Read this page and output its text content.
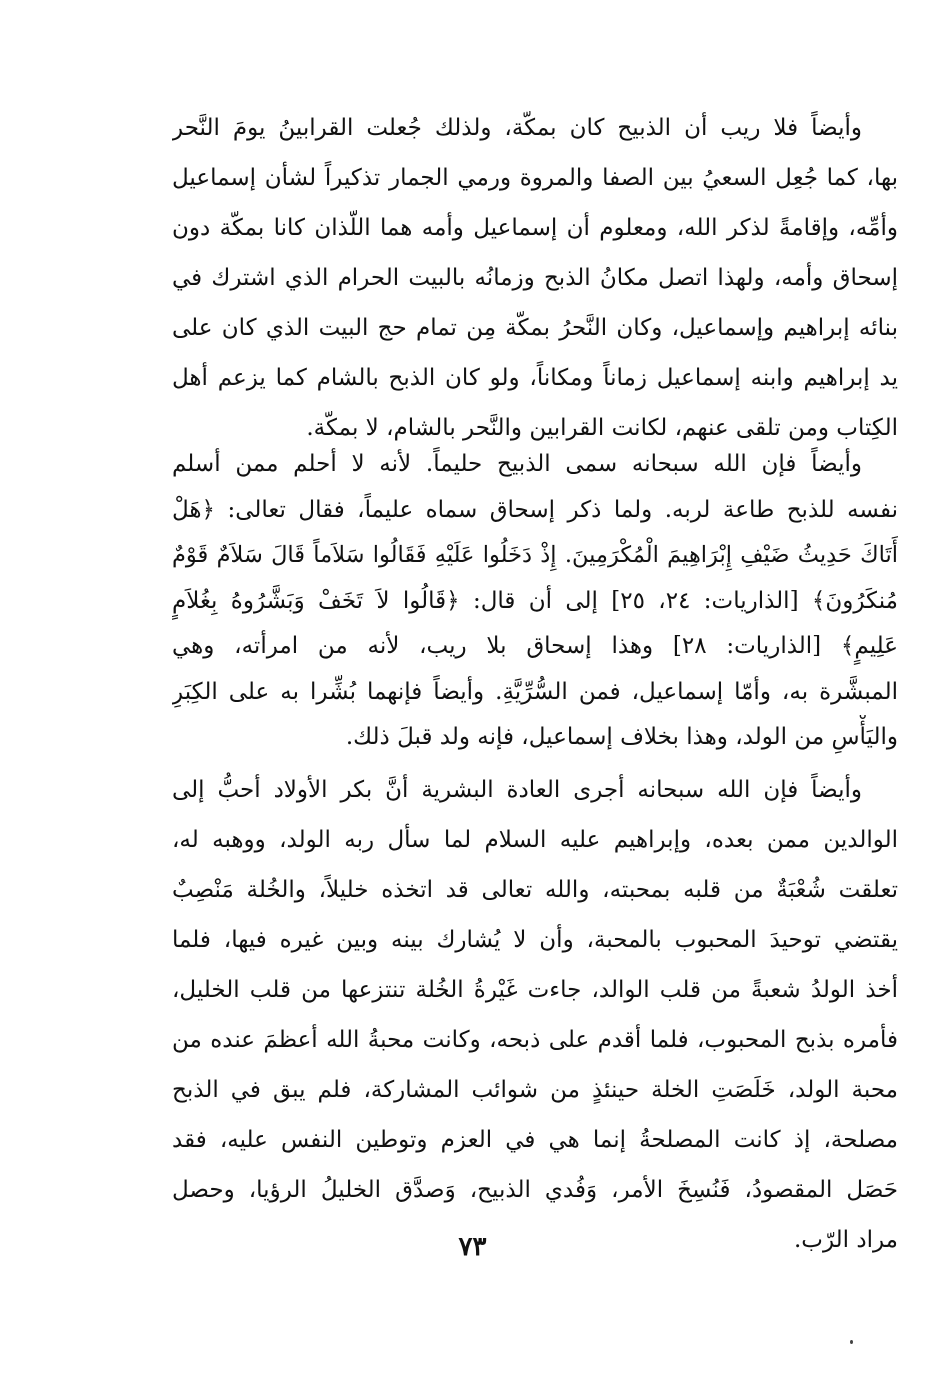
وأيضاً فلا ريب أن الذبيح كان بمكّة، ولذلك جُعلت القرابينُ يومَ النَّحر
بها، كما جُعِل السعيُ بين الصفا والمروة ورمي الجمار تذكيراً لشأن إسماعيل
وأمِّه، وإقامةً لذكر الله، ومعلوم أن إسماعيل وأمه هما اللّذان كانا بمكّة دون
إسحاق وأمه، ولهذا اتصل مكانُ الذبح وزمانُه بالبيت الحرام الذي اشترك في
بنائه إبراهيم وإسماعيل، وكان النَّحرُ بمكّة مِن تمام حج البيت الذي كان على
يد إبراهيم وابنه إسماعيل زماناً ومكاناً، ولو كان الذبح بالشام كما يزعم أهل
الكِتاب ومن تلقى عنهم، لكانت القرابين والنَّحر بالشام، لا بمكّة.
وأيضاً فإن الله سبحانه سمى الذبيح حليماً. لأنه لا أحلم ممن أسلم
نفسه للذبح طاعة لربه. ولما ذكر إسحاق سماه عليماً، فقال تعالى: ﴿هَلْ
أَتَاكَ حَدِيثُ ضَيْفِ إِبْرَاهِيمَ الْمُكْرَمِينَ. إِذْ دَخَلُوا عَلَيْهِ فَقَالُوا سَلاَماً قَالَ سَلاَمٌ قَوْمٌ
مُنكَرُونَ﴾ [الذاريات: ٢٤، ٢٥] إلى أن قال: ﴿قَالُوا لاَ تَخَفْ وَبَشَّرُوهُ بِغُلاَمٍ
عَلِيمٍ﴾ [الذاريات: ٢٨] وهذا إسحاق بلا ريب، لأنه من امرأته، وهي
المبشَّرة به، وأمّا إسماعيل، فمن السُّرِّيَّةِ. وأيضاً فإنهما بُشِّرا به على الكِبَرِ
واليَأْسِ من الولد، وهذا بخلاف إسماعيل، فإنه ولد قبلَ ذلك.
وأيضاً فإن الله سبحانه أجرى العادة البشرية أنَّ بكر الأولاد أحبُّ إلى
الوالدين ممن بعده، وإبراهيم عليه السلام لما سأل ربه الولد، ووهبه له،
تعلقت شُعْبَةٌ من قلبه بمحبته، والله تعالى قد اتخذه خليلاً، والخُلة مَنْصِبٌ
يقتضي توحيدَ المحبوب بالمحبة، وأن لا يُشارك بينه وبين غيره فيها، فلما
أخذ الولدُ شعبةً من قلب الوالد، جاءت غَيْرةُ الخُلة تنتزعها من قلب الخليل،
فأمره بذبح المحبوب، فلما أقدم على ذبحه، وكانت محبةُ الله أعظمَ عنده من
محبة الولد، خَلَصَتِ الخلة حينئذٍ من شوائب المشاركة، فلم يبق في الذبح
مصلحة، إذ كانت المصلحةُ إنما هي في العزم وتوطين النفس عليه، فقد
حَصَل المقصودُ، فَنُسِخَ الأمر، وَفُدي الذبيح، وَصدَّق الخليلُ الرؤيا، وحصل
مراد الرّب.
٧٣
